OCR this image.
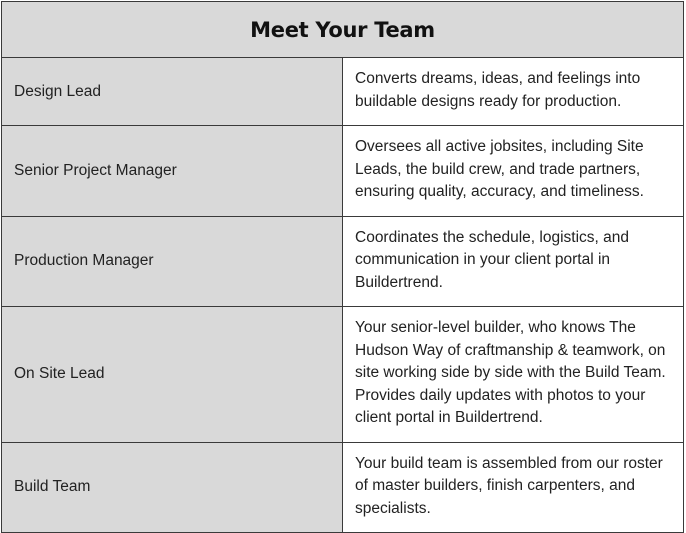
Meet Your Team	
Design Lead	Converts dreams, ideas, and feelings into buildable designs ready for production.
Senior Project Manager	Oversees all active jobsites, including Site Leads, the build crew, and trade partners, ensuring quality, accuracy, and timeliness.
Production Manager	Coordinates the schedule, logistics, and communication in your client portal in Buildertrend.
On Site Lead	Your senior-level builder, who knows The Hudson Way of craftmanship & teamwork, on site working side by side with the Build Team. Provides daily updates with photos to your client portal in Buildertrend.
Build Team	Your build team is assembled from our roster of master builders, finish carpenters, and specialists.
